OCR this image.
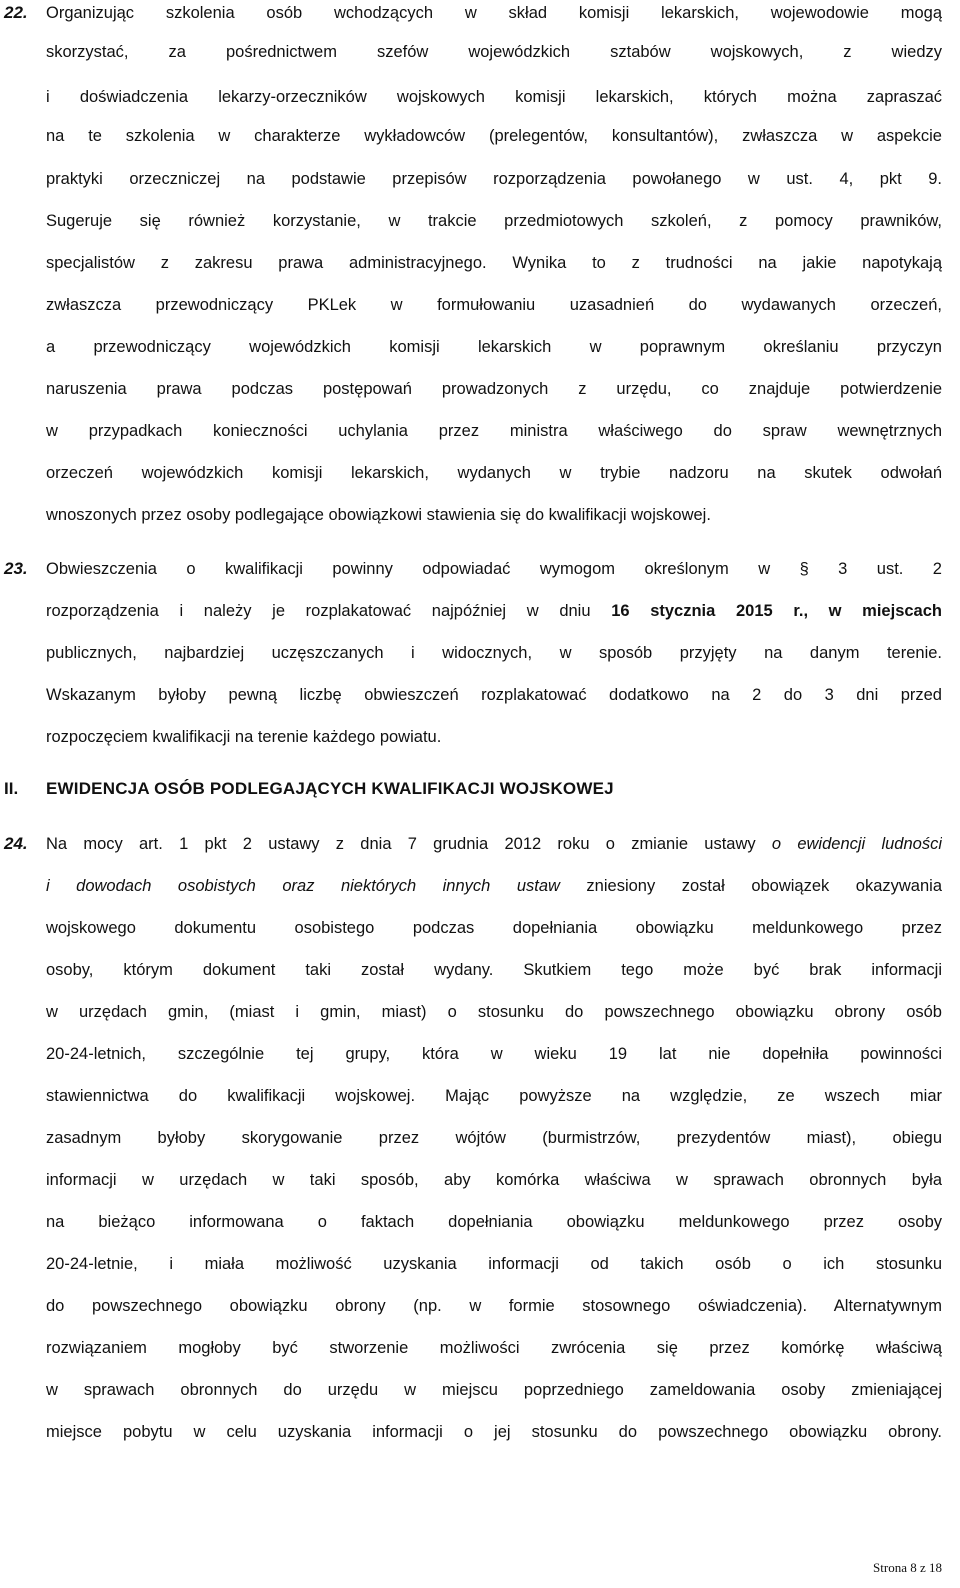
22. Organizując szkolenia osób wchodzących w skład komisji lekarskich, wojewodowie mogą
skorzystać, za pośrednictwem szefów wojewódzkich sztabów wojskowych, z wiedzy
i doświadczenia lekarzy-orzeczników wojskowych komisji lekarskich, których można zapraszać
na te szkolenia w charakterze wykładowców (prelegentów, konsultantów), zwłaszcza w aspekcie
praktyki orzeczniczej na podstawie przepisów rozporządzenia powołanego w ust. 4, pkt 9.
Sugeruje się również korzystanie, w trakcie przedmiotowych szkoleń, z pomocy prawników,
specjalistów z zakresu prawa administracyjnego. Wynika to z trudności na jakie napotykają
zwłaszcza przewodniczący PKLek w formułowaniu uzasadnień do wydawanych orzeczeń,
a przewodniczący wojewódzkich komisji lekarskich w poprawnym określaniu przyczyn
naruszenia prawa podczas postępowań prowadzonych z urzędu, co znajduje potwierdzenie
w przypadkach konieczności uchylania przez ministra właściwego do spraw wewnętrznych
orzeczeń wojewódzkich komisji lekarskich, wydanych w trybie nadzoru na skutek odwołań
wnoszonych przez osoby podlegające obowiązkowi stawienia się do kwalifikacji wojskowej.
23. Obwieszczenia o kwalifikacji powinny odpowiadać wymogom określonym w § 3 ust. 2
rozporządzenia i należy je rozplakatować najpóźniej w dniu 16 stycznia 2015 r., w miejscach
publicznych, najbardziej uczęszczanych i widocznych, w sposób przyjęty na danym terenie.
Wskazanym byłoby pewną liczbę obwieszczeń rozplakatować dodatkowo na 2 do 3 dni przed
rozpoczęciem kwalifikacji na terenie każdego powiatu.
II. EWIDENCJA OSÓB PODLEGAJĄCYCH KWALIFIKACJI WOJSKOWEJ
24. Na mocy art. 1 pkt 2 ustawy z dnia 7 grudnia 2012 roku o zmianie ustawy o ewidencji ludności
i dowodach osobistych oraz niektórych innych ustaw zniesiony został obowiązek okazywania
wojskowego dokumentu osobistego podczas dopełniania obowiązku meldunkowego przez
osoby, którym dokument taki został wydany. Skutkiem tego może być brak informacji
w urzędach gmin, (miast i gmin, miast) o stosunku do powszechnego obowiązku obrony osób
20-24-letnich, szczególnie tej grupy, która w wieku 19 lat nie dopełniła powinności
stawiennictwa do kwalifikacji wojskowej. Mając powyższe na względzie, ze wszech miar
zasadnym byłoby skorygowanie przez wójtów (burmistrzów, prezydentów miast), obiegu
informacji w urzędach w taki sposób, aby komórka właściwa w sprawach obronnych była
na bieżąco informowana o faktach dopełniania obowiązku meldunkowego przez osoby
20-24-letnie, i miała możliwość uzyskania informacji od takich osób o ich stosunku
do powszechnego obowiązku obrony (np. w formie stosownego oświadczenia). Alternatywnym
rozwiązaniem mogłoby być stworzenie możliwości zwrócenia się przez komórkę właściwą
w sprawach obronnych do urzędu w miejscu poprzedniego zameldowania osoby zmieniającej
miejsce pobytu w celu uzyskania informacji o jej stosunku do powszechnego obowiązku obrony.
Strona 8 z 18
